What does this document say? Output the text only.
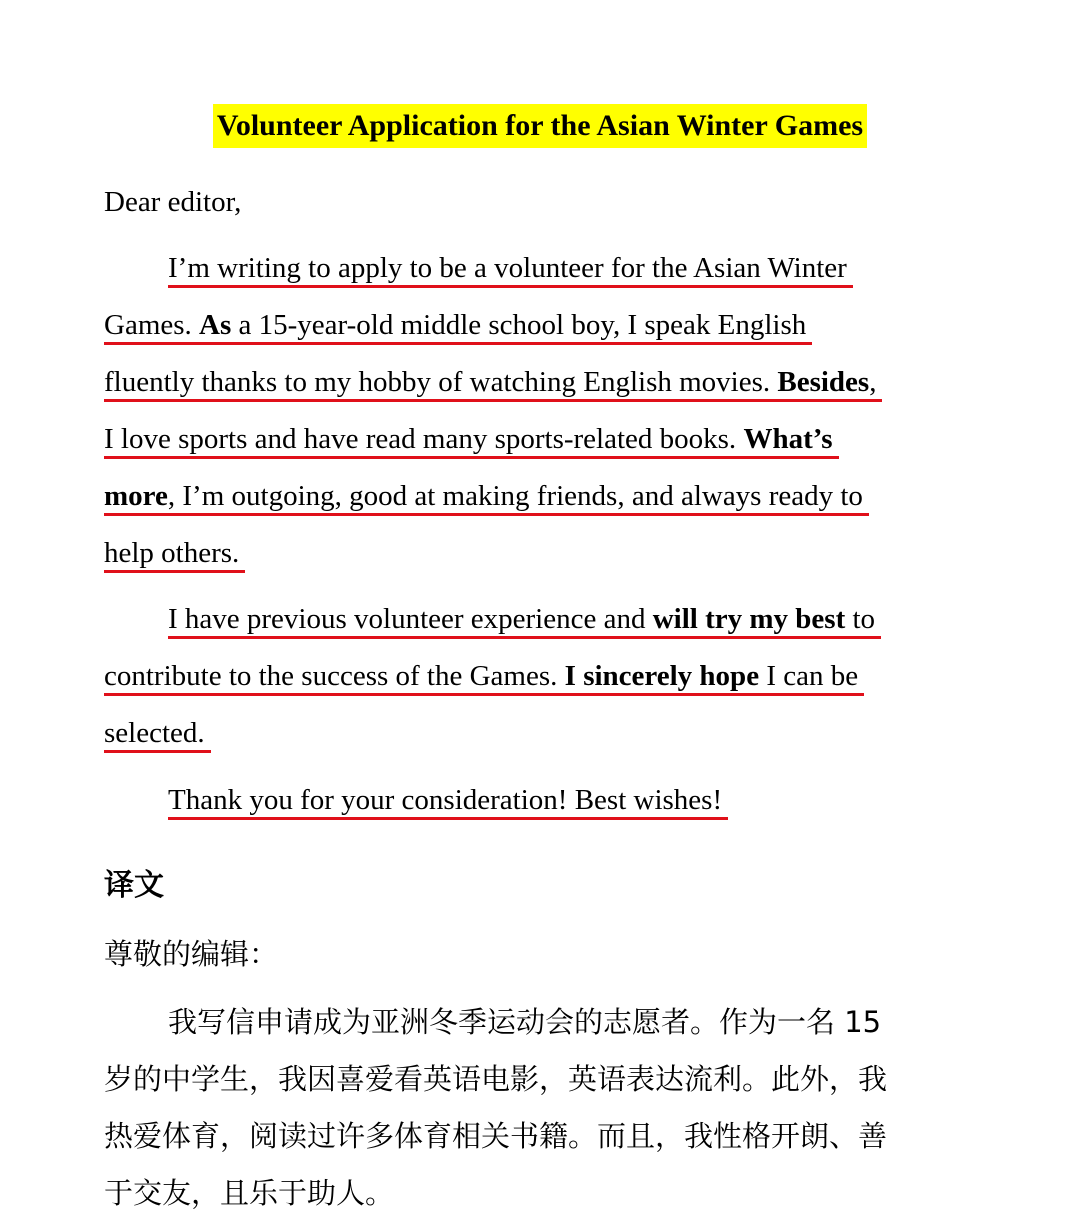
Volunteer Application for the Asian Winter Games
Dear editor,
I’m writing to apply to be a volunteer for the Asian Winter
Games. As a 15-year-old middle school boy, I speak English
fluently thanks to my hobby of watching English movies. Besides,
I love sports and have read many sports-related books. What’s
more, I’m outgoing, good at making friends, and always ready to
help others.
I have previous volunteer experience and will try my best to
contribute to the success of the Games. I sincerely hope I can be
selected.
Thank you for your consideration! Best wishes!
译文
尊敬的编辑：
我写信申请成为亚洲冬季运动会的志愿者。作为一名 15
岁的中学生，我因喜爱看英语电影，英语表达流利。此外，我
热爱体育，阅读过许多体育相关书籍。而且，我性格开朗、善
于交友，且乐于助人。
